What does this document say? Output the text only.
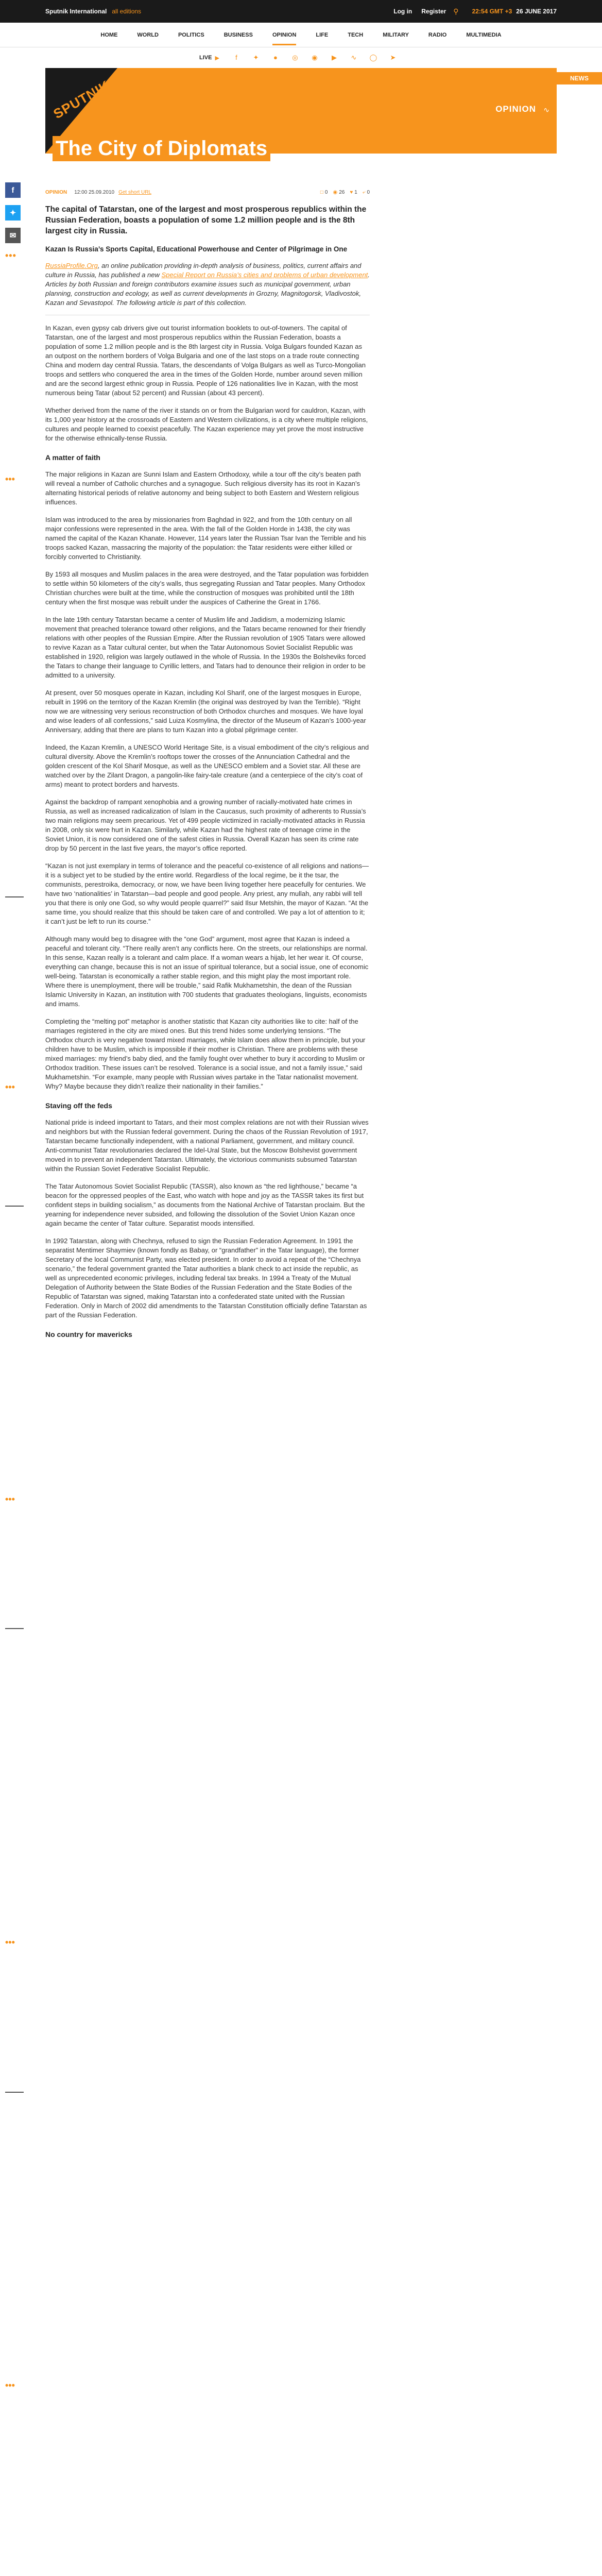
Sputnik International all editions	Log in Register ⚲ 22:54 GMT +3 26 JUNE 2017
HOME	WORLD	POLITICS	BUSINESS	OPINION	LIFE	TECH	MILITARY	RADIO	MULTIMEDIA
LIVE ▶	f	✦	●	◎	◉	▶	∿	◯	➤
SPUTNIK	OPINION ∿
NEWS
The City of Diplomats
f
✦
✉
•••
•••
•••
•••
•••
•••
OPINION 12:00 25.09.2010 Get short URL	□ 0 ◉ 26 ♥ 1 ⤶ 0

The capital of Tatarstan, one of the largest and most prosperous republics within the Russian Federation, boasts a population of some 1.2 million people and is the 8th largest city in Russia.

Kazan Is Russia’s Sports Capital, Educational Powerhouse and Center of Pilgrimage in One

RussiaProfile.Org, an online publication providing in-depth analysis of business, politics, current affairs and culture in Russia, has published a new Special Report on Russia’s cities and problems of urban development. Articles by both Russian and foreign contributors examine issues such as municipal government, urban planning, construction and ecology, as well as current developments in Grozny, Magnitogorsk, Vladivostok, Kazan and Sevastopol. The following article is part of this collection.

In Kazan, even gypsy cab drivers give out tourist information booklets to out-of-towners. The capital of Tatarstan, one of the largest and most prosperous republics within the Russian Federation, boasts a population of some 1.2 million people and is the 8th largest city in Russia. Volga Bulgars founded Kazan as an outpost on the northern borders of Volga Bulgaria and one of the last stops on a trade route connecting China and modern day central Russia. Tatars, the descendants of Volga Bulgars as well as Turco-Mongolian troops and settlers who conquered the area in the times of the Golden Horde, number around seven million and are the second largest ethnic group in Russia. People of 126 nationalities live in Kazan, with the most numerous being Tatar (about 52 percent) and Russian (about 43 percent).

Whether derived from the name of the river it stands on or from the Bulgarian word for cauldron, Kazan, with its 1,000 year history at the crossroads of Eastern and Western civilizations, is a city where multiple religions, cultures and people learned to coexist peacefully. The Kazan experience may yet prove the most instructive for the otherwise ethnically-tense Russia.

A matter of faith

The major religions in Kazan are Sunni Islam and Eastern Orthodoxy, while a tour off the city’s beaten path will reveal a number of Catholic churches and a synagogue. Such religious diversity has its root in Kazan’s alternating historical periods of relative autonomy and being subject to both Eastern and Western religious influences.

Islam was introduced to the area by missionaries from Baghdad in 922, and from the 10th century on all major confessions were represented in the area. With the fall of the Golden Horde in 1438, the city was named the capital of the Kazan Khanate. However, 114 years later the Russian Tsar Ivan the Terrible and his troops sacked Kazan, massacring the majority of the population: the Tatar residents were either killed or forcibly converted to Christianity.

By 1593 all mosques and Muslim palaces in the area were destroyed, and the Tatar population was forbidden to settle within 50 kilometers of the city’s walls, thus segregating Russian and Tatar peoples. Many Orthodox Christian churches were built at the time, while the construction of mosques was prohibited until the 18th century when the first mosque was rebuilt under the auspices of Catherine the Great in 1766.

In the late 19th century Tatarstan became a center of Muslim life and Jadidism, a modernizing Islamic movement that preached tolerance toward other religions, and the Tatars became renowned for their friendly relations with other peoples of the Russian Empire. After the Russian revolution of 1905 Tatars were allowed to revive Kazan as a Tatar cultural center, but when the Tatar Autonomous Soviet Socialist Republic was established in 1920, religion was largely outlawed in the whole of Russia. In the 1930s the Bolsheviks forced the Tatars to change their language to Cyrillic letters, and Tatars had to denounce their religion in order to be admitted to a university.

At present, over 50 mosques operate in Kazan, including Kol Sharif, one of the largest mosques in Europe, rebuilt in 1996 on the territory of the Kazan Kremlin (the original was destroyed by Ivan the Terrible). “Right now we are witnessing very serious reconstruction of both Orthodox churches and mosques. We have loyal and wise leaders of all confessions,” said Luiza Kosmylina, the director of the Museum of Kazan’s 1000-year Anniversary, adding that there are plans to turn Kazan into a global pilgrimage center.

Indeed, the Kazan Kremlin, a UNESCO World Heritage Site, is a visual embodiment of the city’s religious and cultural diversity. Above the Kremlin’s rooftops tower the crosses of the Annunciation Cathedral and the golden crescent of the Kol Sharif Mosque, as well as the UNESCO emblem and a Soviet star. All these are watched over by the Zilant Dragon, a pangolin-like fairy-tale creature (and a centerpiece of the city’s coat of arms) meant to protect borders and harvests.

Against the backdrop of rampant xenophobia and a growing number of racially-motivated hate crimes in Russia, as well as increased radicalization of Islam in the Caucasus, such proximity of adherents to Russia’s two main religions may seem precarious. Yet of 499 people victimized in racially-motivated attacks in Russia in 2008, only six were hurt in Kazan. Similarly, while Kazan had the highest rate of teenage crime in the Soviet Union, it is now considered one of the safest cities in Russia. Overall Kazan has seen its crime rate drop by 50 percent in the last five years, the mayor’s office reported.

“Kazan is not just exemplary in terms of tolerance and the peaceful co-existence of all religions and nations—it is a subject yet to be studied by the entire world. Regardless of the local regime, be it the tsar, the communists, perestroika, democracy, or now, we have been living together here peacefully for centuries. We have two ‘nationalities’ in Tatarstan—bad people and good people. Any priest, any mullah, any rabbi will tell you that there is only one God, so why would people quarrel?” said Ilsur Metshin, the mayor of Kazan. “At the same time, you should realize that this should be taken care of and controlled. We pay a lot of attention to it; it can’t just be left to run its course.”

Although many would beg to disagree with the “one God” argument, most agree that Kazan is indeed a peaceful and tolerant city. “There really aren’t any conflicts here. On the streets, our relationships are normal. In this sense, Kazan really is a tolerant and calm place. If a woman wears a hijab, let her wear it. Of course, everything can change, because this is not an issue of spiritual tolerance, but a social issue, one of economic well-being. Tatarstan is economically a rather stable region, and this might play the most important role. Where there is unemployment, there will be trouble,” said Rafik Mukhametshin, the dean of the Russian Islamic University in Kazan, an institution with 700 students that graduates theologians, linguists, economists and imams.

Completing the “melting pot” metaphor is another statistic that Kazan city authorities like to cite: half of the marriages registered in the city are mixed ones. But this trend hides some underlying tensions. “The Orthodox church is very negative toward mixed marriages, while Islam does allow them in principle, but your children have to be Muslim, which is impossible if their mother is Christian. There are problems with these mixed marriages: my friend’s baby died, and the family fought over whether to bury it according to Muslim or Orthodox tradition. These issues can’t be resolved. Tolerance is a social issue, and not a family issue,” said Mukhametshin. “For example, many people with Russian wives partake in the Tatar nationalist movement. Why? Maybe because they didn’t realize their nationality in their families.”

Staving off the feds

National pride is indeed important to Tatars, and their most complex relations are not with their Russian wives and neighbors but with the Russian federal government. During the chaos of the Russian Revolution of 1917, Tatarstan became functionally independent, with a national Parliament, government, and military council. Anti-communist Tatar revolutionaries declared the Idel-Ural State, but the Moscow Bolshevist government moved in to prevent an independent Tatarstan. Ultimately, the victorious communists subsumed Tatarstan within the Russian Soviet Federative Socialist Republic.

The Tatar Autonomous Soviet Socialist Republic (TASSR), also known as “the red lighthouse,” became “a beacon for the oppressed peoples of the East, who watch with hope and joy as the TASSR takes its first but confident steps in building socialism,” as documents from the National Archive of Tatarstan proclaim. But the yearning for independence never subsided, and following the dissolution of the Soviet Union Kazan once again became the center of Tatar culture. Separatist moods intensified.

In 1992 Tatarstan, along with Chechnya, refused to sign the Russian Federation Agreement. In 1991 the separatist Mentimer Shaymiev (known fondly as Babay, or “grandfather” in the Tatar language), the former Secretary of the local Communist Party, was elected president. In order to avoid a repeat of the “Chechnya scenario,” the federal government granted the Tatar authorities a blank check to act inside the republic, as well as unprecedented economic privileges, including federal tax breaks. In 1994 a Treaty of the Mutual Delegation of Authority between the State Bodies of the Russian Federation and the State Bodies of the Republic of Tatarstan was signed, making Tatarstan into a confederated state united with the Russian Federation. Only in March of 2002 did amendments to the Tatarstan Constitution officially define Tatarstan as part of the Russian Federation.

No country for mavericks
